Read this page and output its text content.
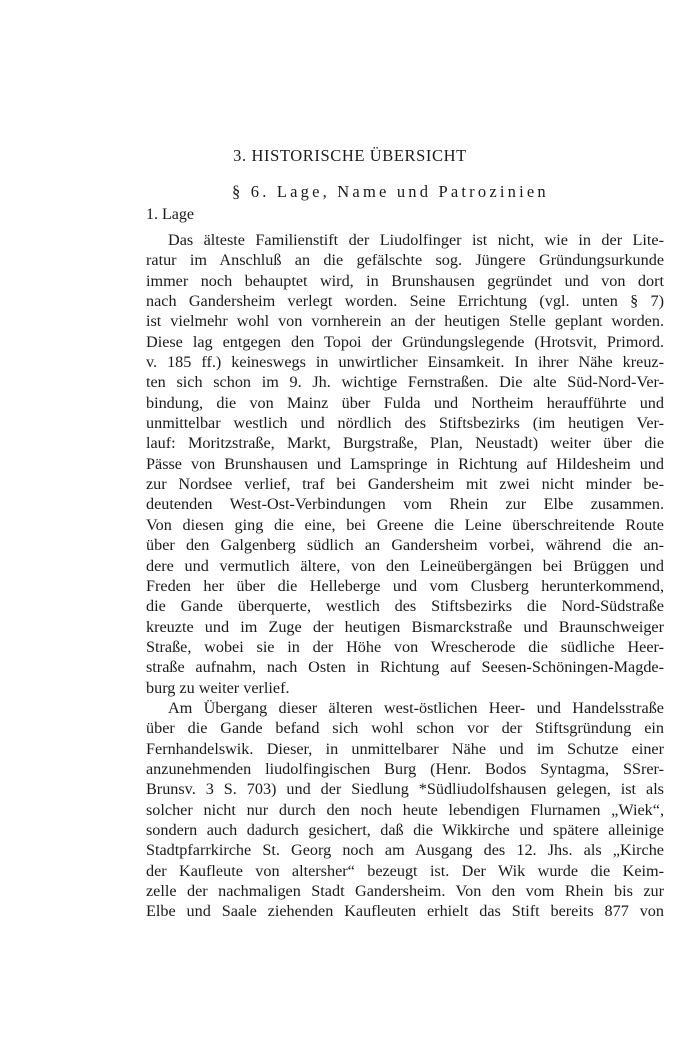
3. HISTORISCHE ÜBERSICHT
§ 6. Lage, Name und Patrozinien
1. Lage
Das älteste Familienstift der Liudolfinger ist nicht, wie in der Lite-
ratur im Anschluß an die gefälschte sog. Jüngere Gründungsurkunde
immer noch behauptet wird, in Brunshausen gegründet und von dort
nach Gandersheim verlegt worden. Seine Errichtung (vgl. unten § 7)
ist vielmehr wohl von vornherein an der heutigen Stelle geplant worden.
Diese lag entgegen den Topoi der Gründungslegende (Hrotsvit, Primord.
v. 185 ff.) keineswegs in unwirtlicher Einsamkeit. In ihrer Nähe kreuz-
ten sich schon im 9. Jh. wichtige Fernstraßen. Die alte Süd-Nord-Ver-
bindung, die von Mainz über Fulda und Northeim heraufführte und
unmittelbar westlich und nördlich des Stiftsbezirks (im heutigen Ver-
lauf: Moritzstraße, Markt, Burgstraße, Plan, Neustadt) weiter über die
Pässe von Brunshausen und Lamspringe in Richtung auf Hildesheim und
zur Nordsee verlief, traf bei Gandersheim mit zwei nicht minder be-
deutenden West-Ost-Verbindungen vom Rhein zur Elbe zusammen.
Von diesen ging die eine, bei Greene die Leine überschreitende Route
über den Galgenberg südlich an Gandersheim vorbei, während die an-
dere und vermutlich ältere, von den Leineübergängen bei Brüggen und
Freden her über die Helleberge und vom Clusberg herunterkommend,
die Gande überquerte, westlich des Stiftsbezirks die Nord-Südstraße
kreuzte und im Zuge der heutigen Bismarckstraße und Braunschweiger
Straße, wobei sie in der Höhe von Wrescherode die südliche Heer-
straße aufnahm, nach Osten in Richtung auf Seesen-Schöningen-Magde-
burg zu weiter verlief.
Am Übergang dieser älteren west-östlichen Heer- und Handelsstraße
über die Gande befand sich wohl schon vor der Stiftsgründung ein
Fernhandelswik. Dieser, in unmittelbarer Nähe und im Schutze einer
anzunehmenden liudolfingischen Burg (Henr. Bodos Syntagma, SSrer-
Brunsv. 3 S. 703) und der Siedlung *Südliudolfshausen gelegen, ist als
solcher nicht nur durch den noch heute lebendigen Flurnamen „Wiek“,
sondern auch dadurch gesichert, daß die Wikkirche und spätere alleinige
Stadtpfarrkirche St. Georg noch am Ausgang des 12. Jhs. als „Kirche
der Kaufleute von altersher“ bezeugt ist. Der Wik wurde die Keim-
zelle der nachmaligen Stadt Gandersheim. Von den vom Rhein bis zur
Elbe und Saale ziehenden Kaufleuten erhielt das Stift bereits 877 von
